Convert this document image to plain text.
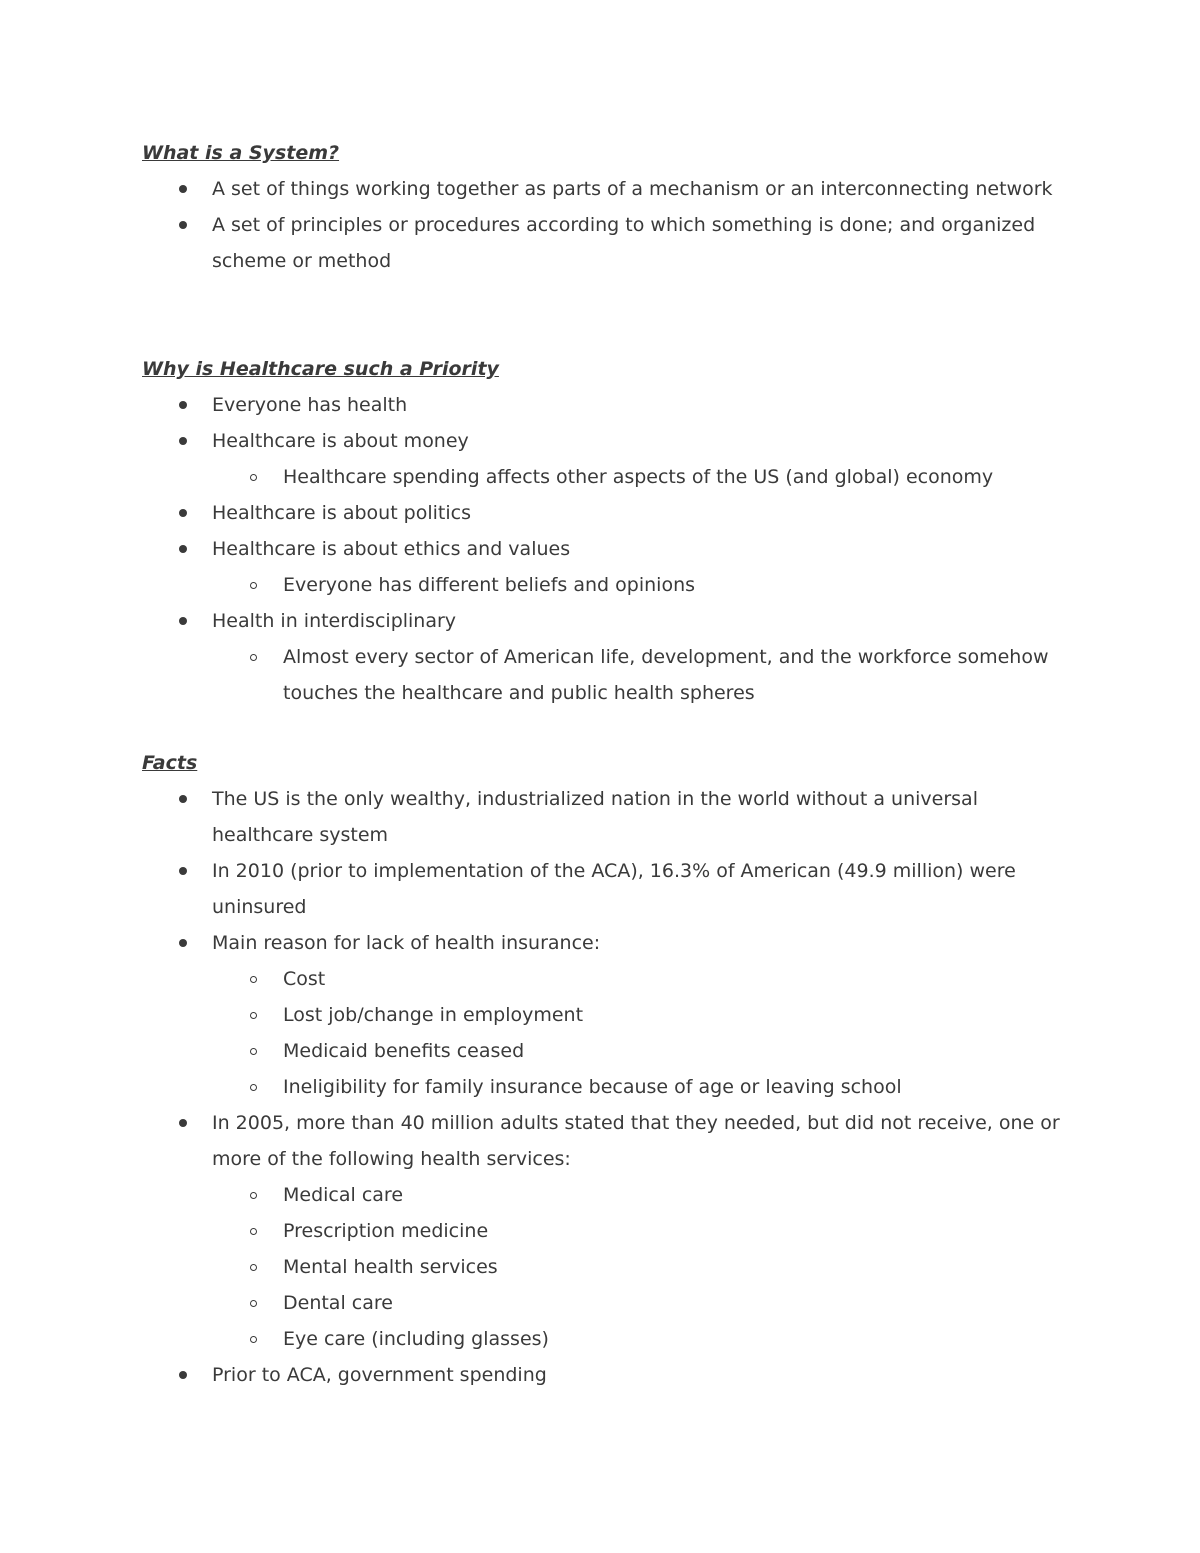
What is a System?
A set of things working together as parts of a mechanism or an interconnecting network
A set of principles or procedures according to which something is done; and organized scheme or method
Why is Healthcare such a Priority
Everyone has health
Healthcare is about money
Healthcare spending affects other aspects of the US (and global) economy
Healthcare is about politics
Healthcare is about ethics and values
Everyone has different beliefs and opinions
Health in interdisciplinary
Almost every sector of American life, development, and the workforce somehow touches the healthcare and public health spheres
Facts
The US is the only wealthy, industrialized nation in the world without a universal healthcare system
In 2010 (prior to implementation of the ACA), 16.3% of American (49.9 million) were uninsured
Main reason for lack of health insurance:
Cost
Lost job/change in employment
Medicaid benefits ceased
Ineligibility for family insurance because of age or leaving school
In 2005, more than 40 million adults stated that they needed, but did not receive, one or more of the following health services:
Medical care
Prescription medicine
Mental health services
Dental care
Eye care (including glasses)
Prior to ACA, government spending
